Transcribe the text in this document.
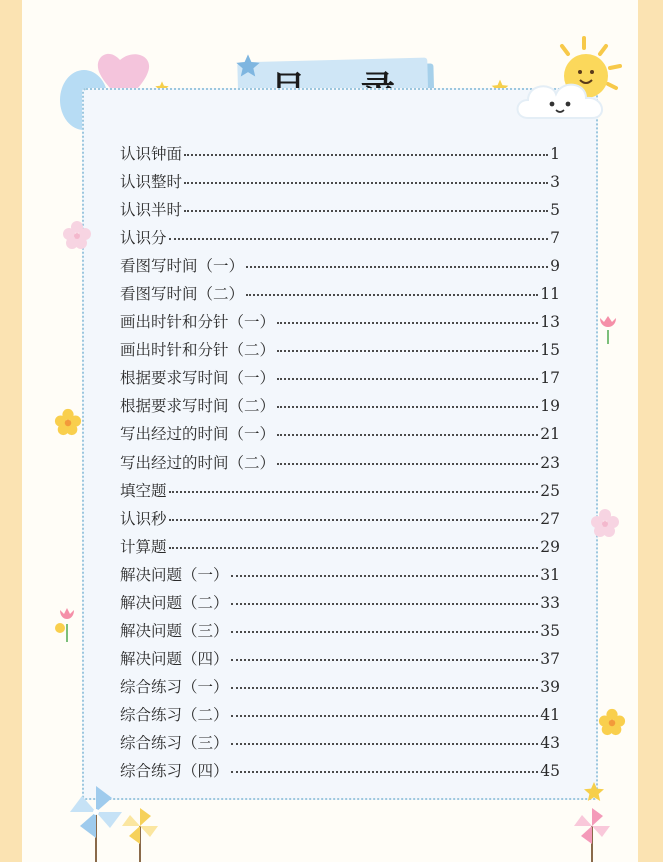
认识钟面	1
认识整时	3
认识半时	5
认识分	7
看图写时间（一）	9
看图写时间（二）	11
画出时针和分针（一）	13
画出时针和分针（二）	15
根据要求写时间（一）	17
根据要求写时间（二）	19
写出经过的时间（一）	21
写出经过的时间（二）	23
填空题	25
认识秒	27
计算题	29
解决问题（一）	31
解决问题（二）	33
解决问题（三）	35
解决问题（四）	37
综合练习（一）	39
综合练习（二）	41
综合练习（三）	43
综合练习（四）	45
